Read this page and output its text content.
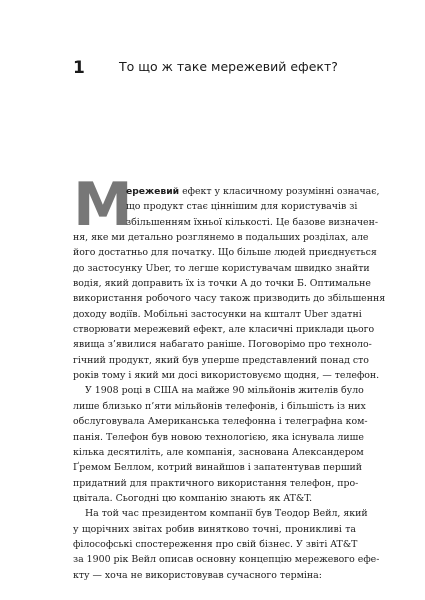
1	То що ж таке мережевий ефект?
М
ережевий ефект у класичному розумінні означає,
що продукт стає ціннішим для користувачів зі
збільшенням їхньої кількості. Це базове визначен-
ня, яке ми детально розглянемо в подальших розділах, але
його достатньо для початку. Що більше людей приєднується
до застосунку Uber, то легше користувачам швидко знайти
водія, який доправить їх із точки А до точки Б. Оптимальне
використання робочого часу також призводить до збільшення
доходу водіїв. Мобільні застосунки на кшталт Uber здатні
створювати мережевий ефект, але класичні приклади цього
явища з’явилися набагато раніше. Поговорімо про техноло-
гічний продукт, який був уперше представлений понад сто
років тому і який ми досі використовуємо щодня, — телефон.
У 1908 році в США на майже 90 мільйонів жителів було
лише близько п’яти мільйонів телефонів, і більшість із них
обслуговувала Американська телефонна і телеграфна ком-
панія. Телефон був новою технологією, яка існувала лише
кілька десятиліть, але компанія, заснована Александером
Ґремом Беллом, котрий винайшов і запатентував перший
придатний для практичного використання телефон, про-
цвітала. Сьогодні цю компанію знають як AT&T.
На той час президентом компанії був Теодор Вейл, який
у щорічних звітах робив винятково точні, проникливі та
філософські спостереження про свій бізнес. У звіті AT&T
за 1900 рік Вейл описав основну концепцію мережевого ефе-
кту — хоча не використовував сучасного терміна:
